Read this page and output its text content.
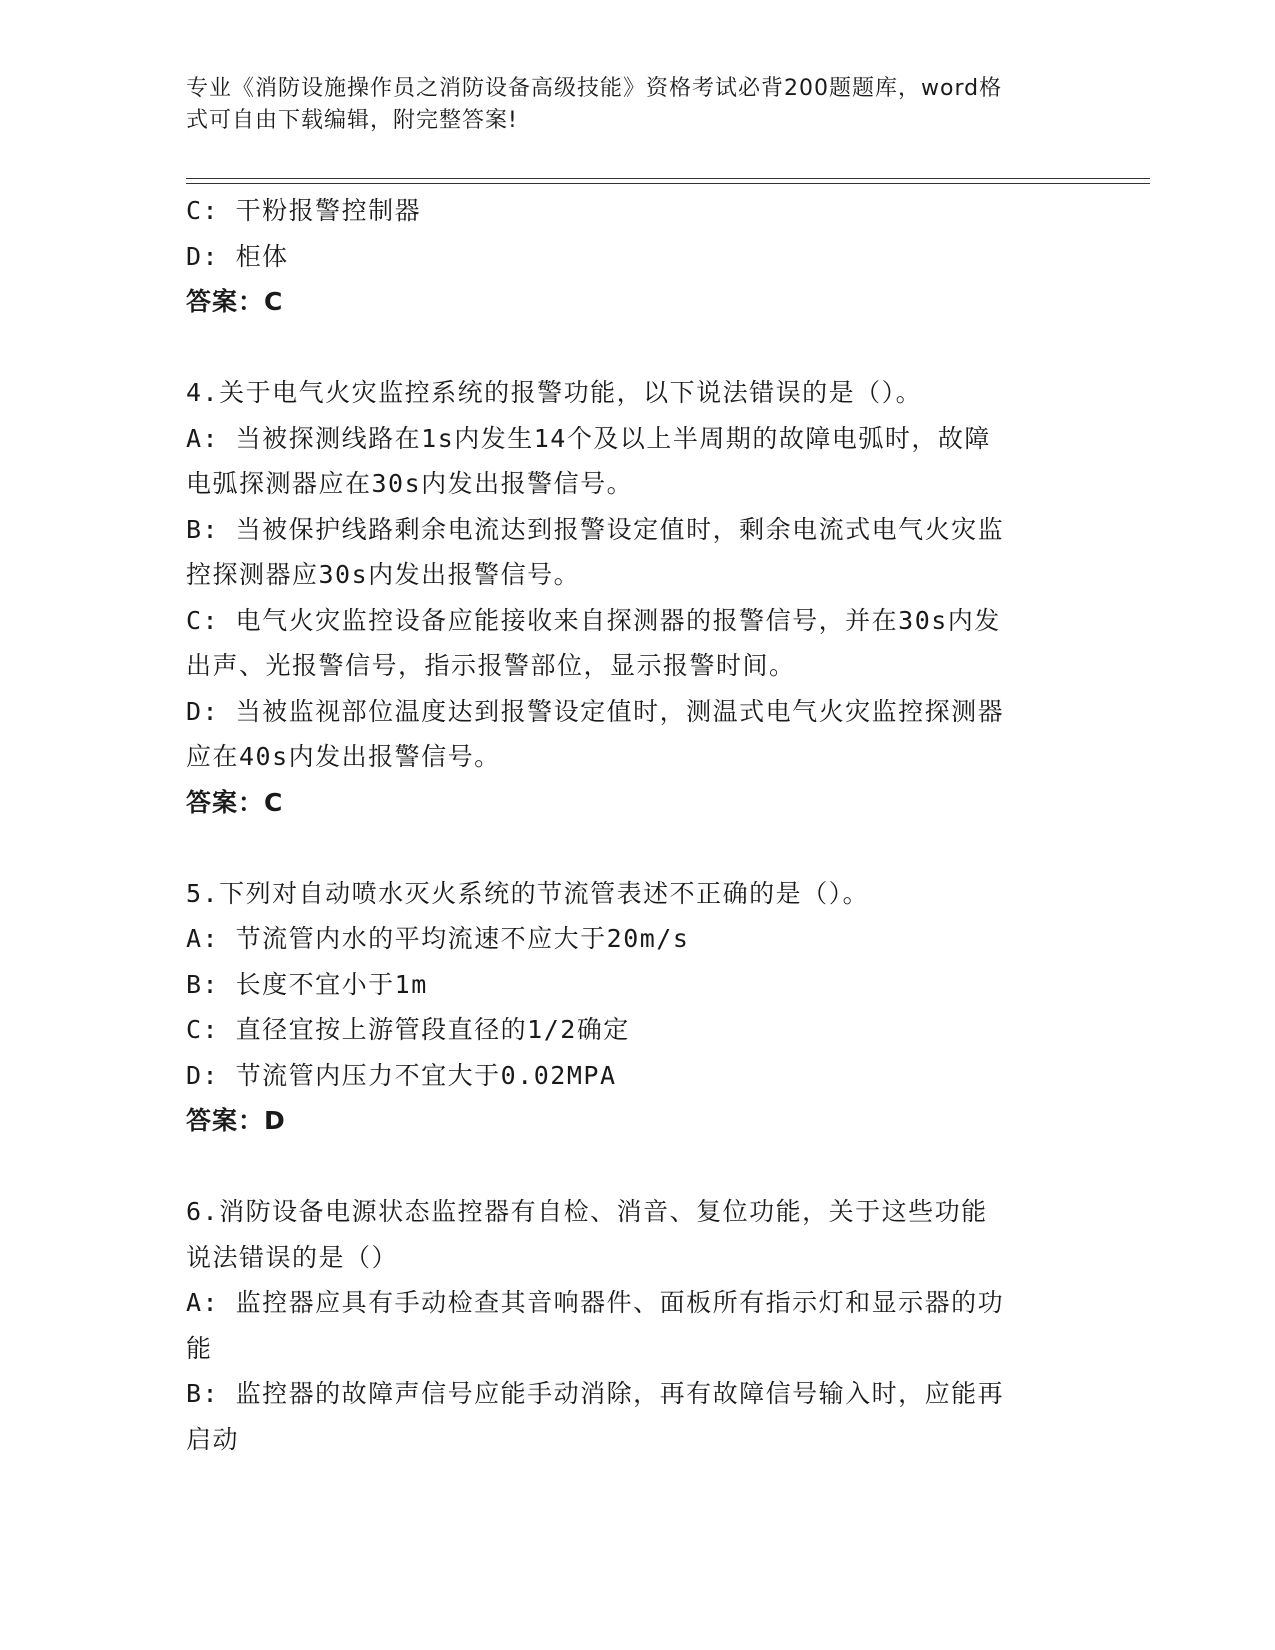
专业《消防设施操作员之消防设备高级技能》资格考试必背200题题库，word格
式可自由下载编辑，附完整答案!

C: 干粉报警控制器

D: 柜体

答案：C

4.关于电气火灾监控系统的报警功能，以下说法错误的是（）。

A: 当被探测线路在1s内发生14个及以上半周期的故障电弧时，故障

电弧探测器应在30s内发出报警信号。

B: 当被保护线路剩余电流达到报警设定值时，剩余电流式电气火灾监

控探测器应30s内发出报警信号。

C: 电气火灾监控设备应能接收来自探测器的报警信号，并在30s内发

出声、光报警信号，指示报警部位，显示报警时间。

D: 当被监视部位温度达到报警设定值时，测温式电气火灾监控探测器

应在40s内发出报警信号。

答案：C

5.下列对自动喷水灭火系统的节流管表述不正确的是（）。

A: 节流管内水的平均流速不应大于20m/s

B: 长度不宜小于1m

C: 直径宜按上游管段直径的1/2确定

D: 节流管内压力不宜大于0.02MPA

答案：D

6.消防设备电源状态监控器有自检、消音、复位功能，关于这些功能

说法错误的是（）

A: 监控器应具有手动检查其音响器件、面板所有指示灯和显示器的功

能

B: 监控器的故障声信号应能手动消除，再有故障信号输入时，应能再

启动
